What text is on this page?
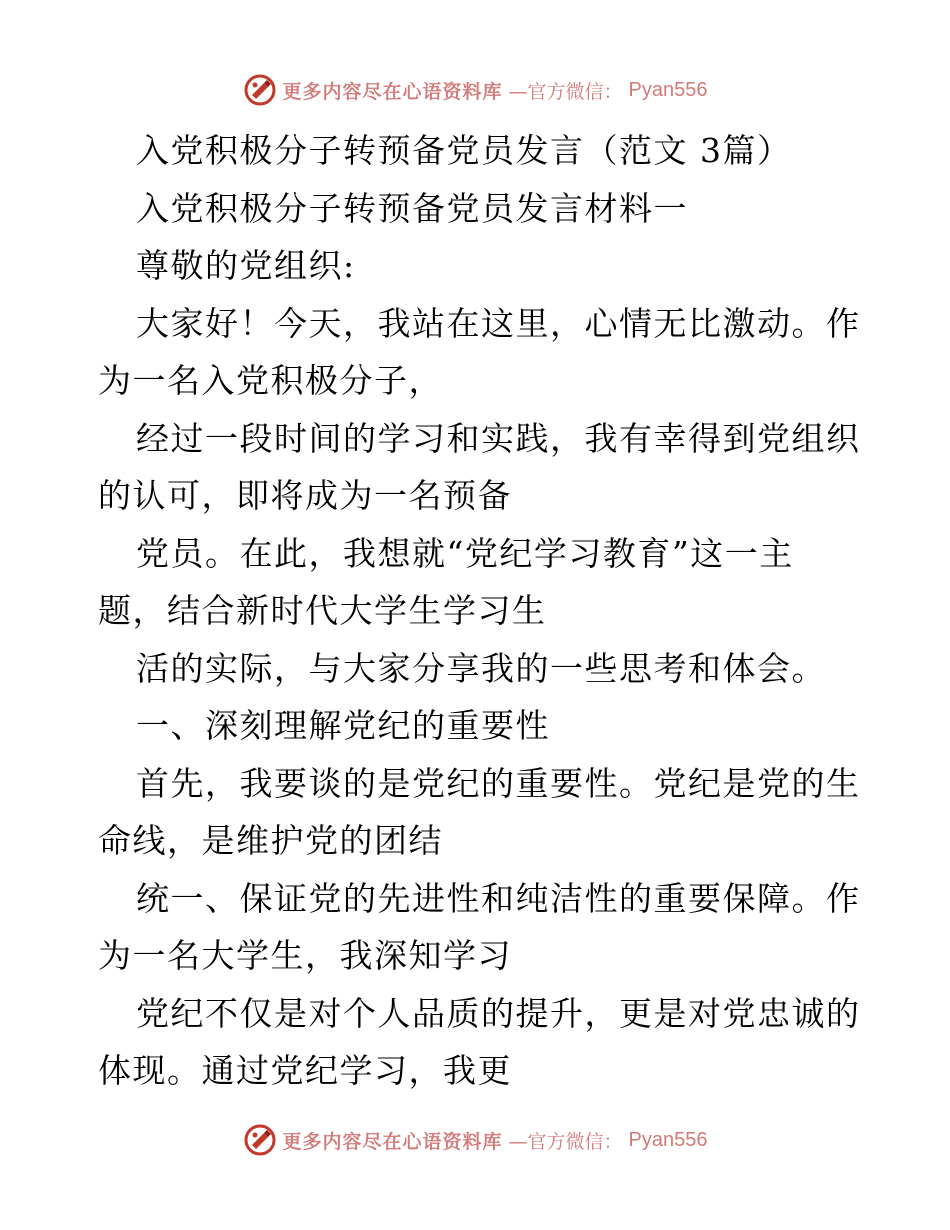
更多内容尽在心语资料库 —官方微信： Pyan556

入党积极分子转预备党员发言（范文 3篇）

入党积极分子转预备党员发言材料一

尊敬的党组织:

大家好！今天，我站在这里，心情无比激动。作

为一名入党积极分子，

经过一段时间的学习和实践，我有幸得到党组织

的认可，即将成为一名预备

党员。在此，我想就“党纪学习教育”这一主

题，结合新时代大学生学习生

活的实际，与大家分享我的一些思考和体会。

一、深刻理解党纪的重要性

首先，我要谈的是党纪的重要性。党纪是党的生

命线，是维护党的团结

统一、保证党的先进性和纯洁性的重要保障。作

为一名大学生，我深知学习

党纪不仅是对个人品质的提升，更是对党忠诚的

体现。通过党纪学习，我更

更多内容尽在心语资料库 —官方微信： Pyan556
